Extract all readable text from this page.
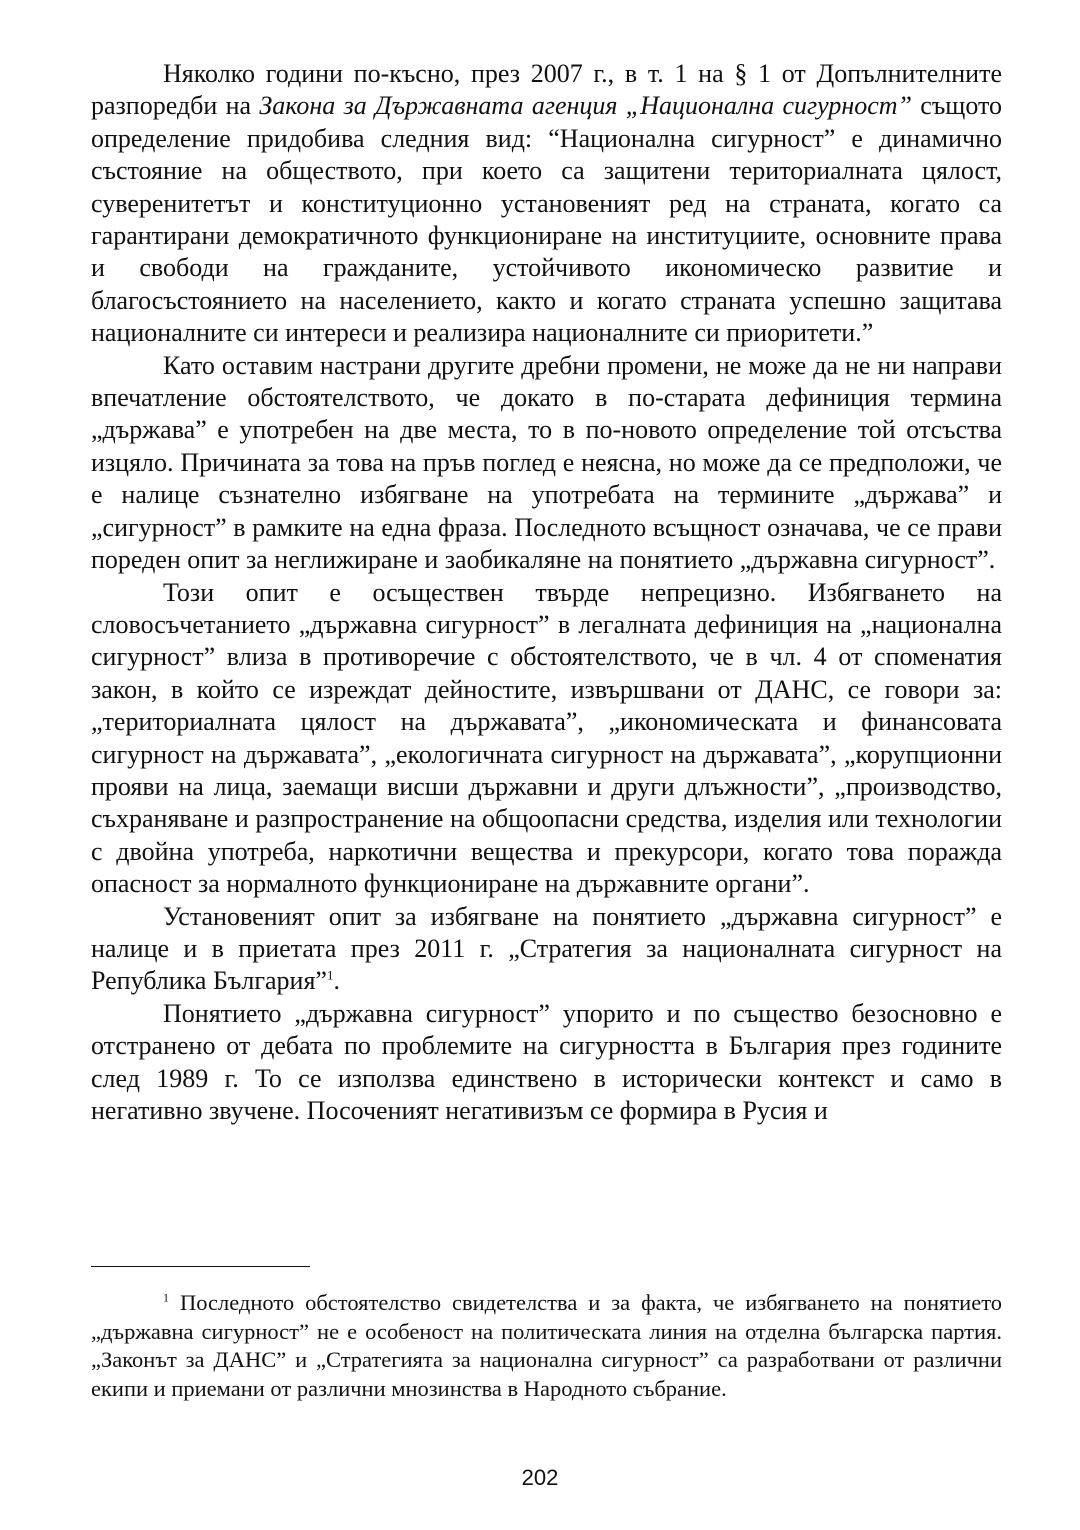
Няколко години по-късно, през 2007 г., в т. 1 на § 1 от Допълнителните разпоредби на Закона за Държавната агенция „Национална сигурност” същото определение придобива следния вид: “Национална сигурност” е динамично състояние на обществото, при което са защитени териториалната цялост, суверенитетът и конституционно установеният ред на страната, когато са гарантирани демократичното функциониране на институциите, основните права и свободи на гражданите, устойчивото икономическо развитие и благосъстоянието на населението, както и когато страната успешно защитава националните си интереси и реализира националните си приоритети.”

Като оставим настрани другите дребни промени, не може да не ни направи впечатление обстоятелството, че докато в по-старата дефиниция термина „държава” е употребен на две места, то в по-новото определение той отсъства изцяло. Причината за това на пръв поглед е неясна, но може да се предположи, че е налице съзнателно избягване на употребата на термините „държава” и „сигурност” в рамките на една фраза. Последното всъщност означава, че се прави пореден опит за неглижиране и заобикаляне на понятието „държавна сигурност”.

Този опит е осъществен твърде непрецизно. Избягването на словосъчетанието „държавна сигурност” в легалната дефиниция на „национална сигурност” влиза в противоречие с обстоятелството, че в чл. 4 от споменатия закон, в който се изреждат дейностите, извършвани от ДАНС, се говори за: „териториалната цялост на държавата”, „икономическата и финансовата сигурност на държавата”, „екологичната сигурност на държавата”, „корупционни прояви на лица, заемащи висши държавни и други длъжности”, „производство, съхраняване и разпространение на общоопасни средства, изделия или технологии с двойна употреба, наркотични вещества и прекурсори, когато това поражда опасност за нормалното функциониране на държавните органи”.

Установеният опит за избягване на понятието „държавна сигурност” е налице и в приетата през 2011 г. „Стратегия за националната сигурност на Република България”$^1$.

Понятието „държавна сигурност” упорито и по същество безосновно е отстранено от дебата по проблемите на сигурността в България през годините след 1989 г. То се използва единствено в исторически контекст и само в негативно звучене. Посоченият негативизъм се формира в Русия и

$^1$ Последното обстоятелство свидетелства и за факта, че избягването на понятието „държавна сигурност” не е особеност на политическата линия на отделна българска партия. „Законът за ДАНС” и „Стратегията за национална сигурност” са разработвани от различни екипи и приемани от различни мнозинства в Народното събрание.

202
